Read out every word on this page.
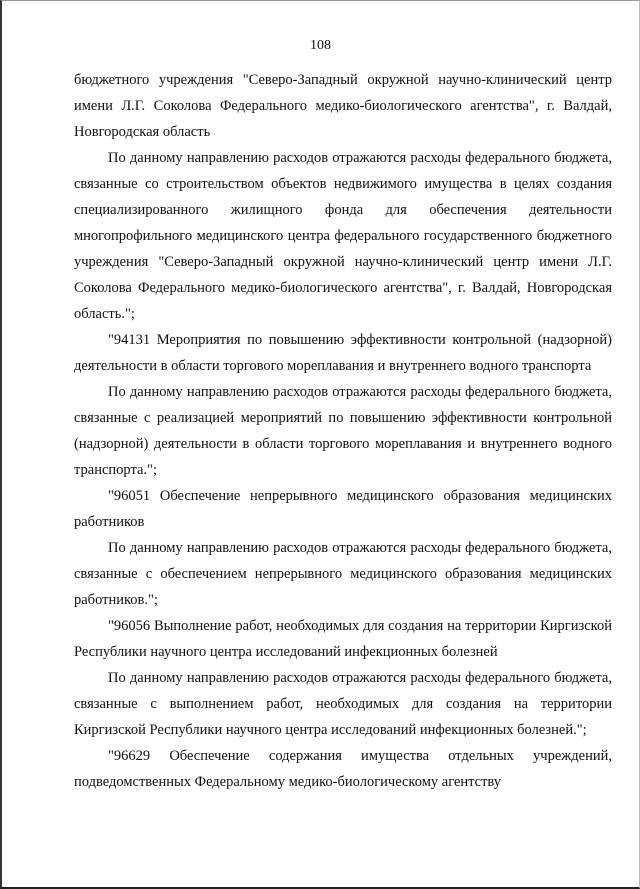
108

бюджетного учреждения "Северо-Западный окружной научно-клинический центр имени Л.Г. Соколова Федерального медико-биологического агентства", г. Валдай, Новгородская область

По данному направлению расходов отражаются расходы федерального бюджета, связанные со строительством объектов недвижимого имущества в целях создания специализированного жилищного фонда для обеспечения деятельности многопрофильного медицинского центра федерального государственного бюджетного учреждения "Северо-Западный окружной научно-клинический центр имени Л.Г. Соколова Федерального медико-биологического агентства", г. Валдай, Новгородская область.";

"94131 Мероприятия по повышению эффективности контрольной (надзорной) деятельности в области торгового мореплавания и внутреннего водного транспорта

По данному направлению расходов отражаются расходы федерального бюджета, связанные с реализацией мероприятий по повышению эффективности контрольной (надзорной) деятельности в области торгового мореплавания и внутреннего водного транспорта.";

"96051 Обеспечение непрерывного медицинского образования медицинских работников

По данному направлению расходов отражаются расходы федерального бюджета, связанные с обеспечением непрерывного медицинского образования медицинских работников.";

"96056 Выполнение работ, необходимых для создания на территории Киргизской Республики научного центра исследований инфекционных болезней

По данному направлению расходов отражаются расходы федерального бюджета, связанные с выполнением работ, необходимых для создания на территории Киргизской Республики научного центра исследований инфекционных болезней.";

"96629 Обеспечение содержания имущества отдельных учреждений, подведомственных Федеральному медико-биологическому агентству
